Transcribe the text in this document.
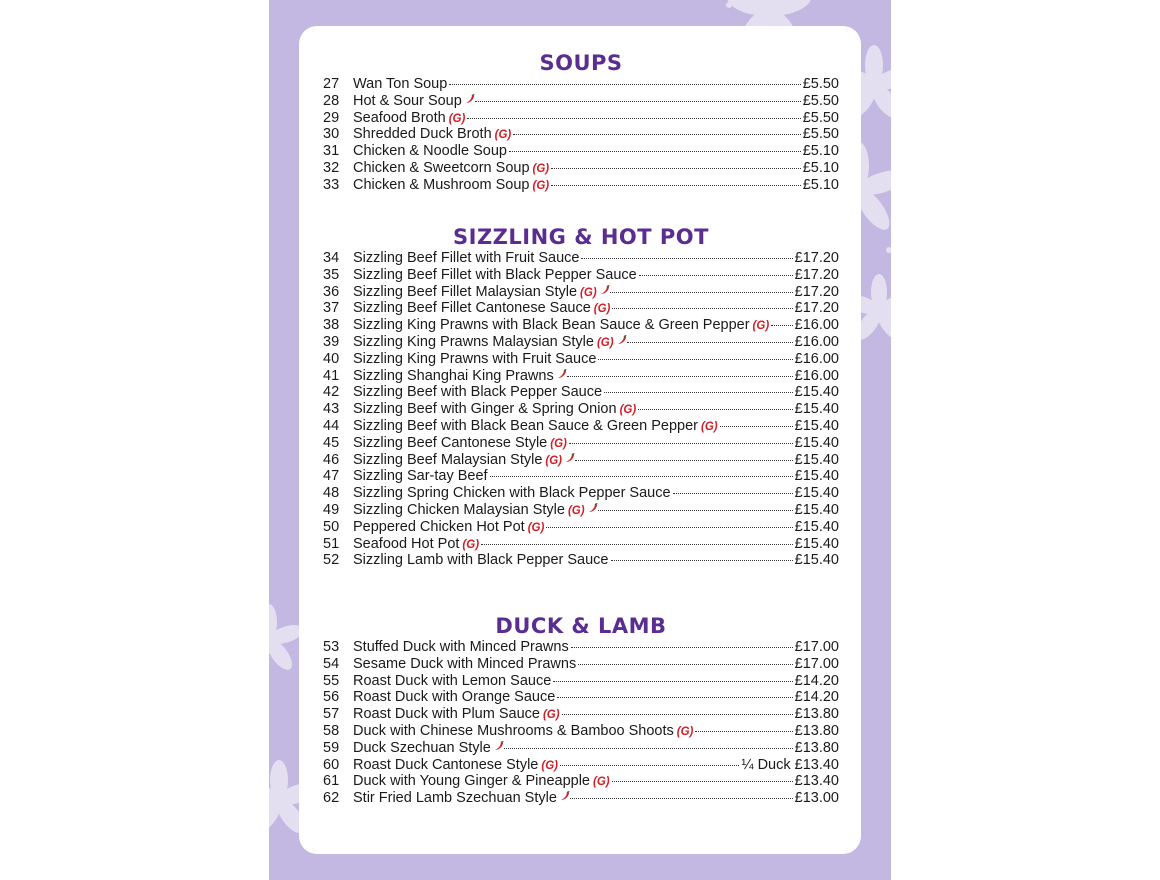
SOUPS
27 Wan Ton Soup	£5.50
28 Hot & Sour Soup	£5.50
29 Seafood Broth (G)	£5.50
30 Shredded Duck Broth (G)	£5.50
31 Chicken & Noodle Soup	£5.10
32 Chicken & Sweetcorn Soup (G)	£5.10
33 Chicken & Mushroom Soup (G)	£5.10
SIZZLING & HOT POT
34 Sizzling Beef Fillet with Fruit Sauce	£17.20
35 Sizzling Beef Fillet with Black Pepper Sauce	£17.20
36 Sizzling Beef Fillet Malaysian Style (G)	£17.20
37 Sizzling Beef Fillet Cantonese Sauce (G)	£17.20
38 Sizzling King Prawns with Black Bean Sauce & Green Pepper (G) £16.00
39 Sizzling King Prawns Malaysian Style (G)	£16.00
40 Sizzling King Prawns with Fruit Sauce	£16.00
41 Sizzling Shanghai King Prawns	£16.00
42 Sizzling Beef with Black Pepper Sauce	£15.40
43 Sizzling Beef with Ginger & Spring Onion (G)	£15.40
44 Sizzling Beef with Black Bean Sauce & Green Pepper (G)	£15.40
45 Sizzling Beef Cantonese Style (G)	£15.40
46 Sizzling Beef Malaysian Style (G)	£15.40
47 Sizzling Sar-tay Beef	£15.40
48 Sizzling Spring Chicken with Black Pepper Sauce	£15.40
49 Sizzling Chicken Malaysian Style (G)	£15.40
50 Peppered Chicken Hot Pot (G)	£15.40
51 Seafood Hot Pot (G)	£15.40
52 Sizzling Lamb with Black Pepper Sauce	£15.40
DUCK & LAMB
53 Stuffed Duck with Minced Prawns	£17.00
54 Sesame Duck with Minced Prawns	£17.00
55 Roast Duck with Lemon Sauce	£14.20
56 Roast Duck with Orange Sauce	£14.20
57 Roast Duck with Plum Sauce (G)	£13.80
58 Duck with Chinese Mushrooms & Bamboo Shoots (G)	£13.80
59 Duck Szechuan Style	£13.80
60 Roast Duck Cantonese Style (G)	¼ Duck £13.40
61 Duck with Young Ginger & Pineapple (G)	£13.40
62 Stir Fried Lamb Szechuan Style	£13.00
